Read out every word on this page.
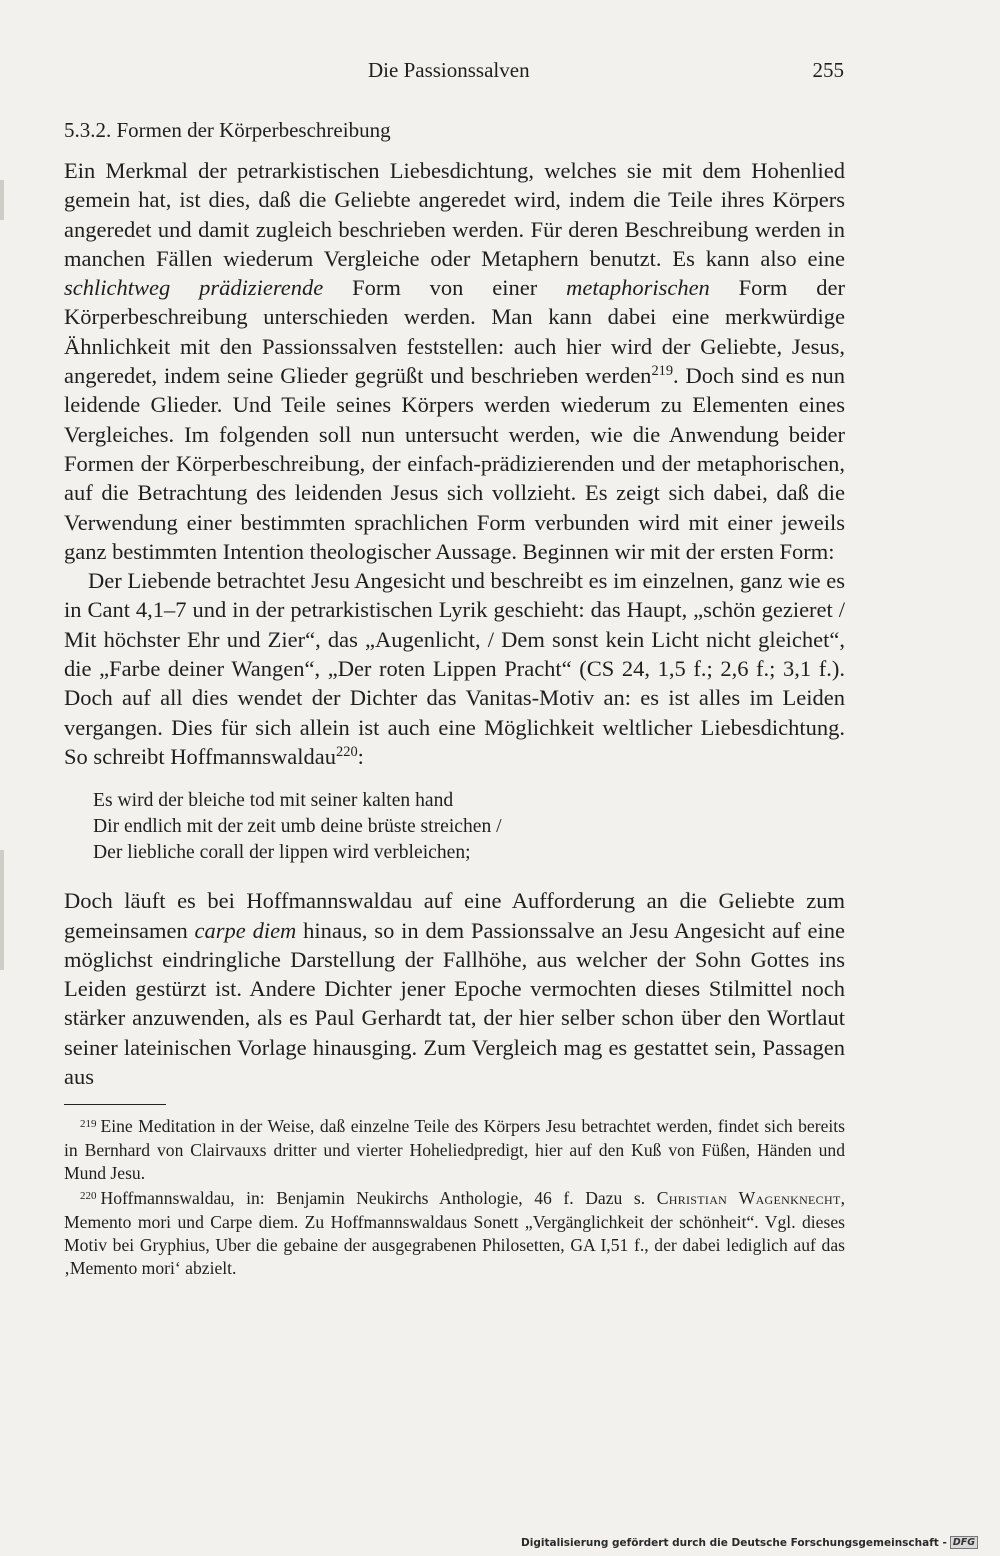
Die Passionssalven	255
5.3.2. Formen der Körperbeschreibung

Ein Merkmal der petrarkistischen Liebesdichtung, welches sie mit dem Hohenlied gemein hat, ist dies, daß die Geliebte angeredet wird, indem die Teile ihres Körpers angeredet und damit zugleich beschrieben werden. Für deren Beschreibung werden in manchen Fällen wiederum Vergleiche oder Metaphern benutzt. Es kann also eine schlichtweg prädizierende Form von einer metaphorischen Form der Körperbeschreibung unterschieden werden. Man kann dabei eine merkwürdige Ähnlichkeit mit den Passionssalven feststellen: auch hier wird der Geliebte, Jesus, angeredet, indem seine Glieder gegrüßt und beschrieben werden$^{219}$. Doch sind es nun leidende Glieder. Und Teile seines Körpers werden wiederum zu Elementen eines Vergleiches. Im folgenden soll nun untersucht werden, wie die Anwendung beider Formen der Körperbeschreibung, der einfach-prädizierenden und der metaphorischen, auf die Betrachtung des leidenden Jesus sich vollzieht. Es zeigt sich dabei, daß die Verwendung einer bestimmten sprachlichen Form verbunden wird mit einer jeweils ganz bestimmten Intention theologischer Aussage. Beginnen wir mit der ersten Form:

Der Liebende betrachtet Jesu Angesicht und beschreibt es im einzelnen, ganz wie es in Cant 4,1–7 und in der petrarkistischen Lyrik geschieht: das Haupt, „schön gezieret / Mit höchster Ehr und Zier“, das „Augenlicht, / Dem sonst kein Licht nicht gleichet“, die „Farbe deiner Wangen“, „Der roten Lippen Pracht“ (CS 24, 1,5 f.; 2,6 f.; 3,1 f.). Doch auf all dies wendet der Dichter das Vanitas-Motiv an: es ist alles im Leiden vergangen. Dies für sich allein ist auch eine Möglichkeit weltlicher Liebesdichtung. So schreibt Hoffmannswaldau$^{220}$:

Es wird der bleiche tod mit seiner kalten hand
Dir endlich mit der zeit umb deine brüste streichen /
Der liebliche corall der lippen wird verbleichen;

Doch läuft es bei Hoffmannswaldau auf eine Aufforderung an die Geliebte zum gemeinsamen carpe diem hinaus, so in dem Passionssalve an Jesu Angesicht auf eine möglichst eindringliche Darstellung der Fallhöhe, aus welcher der Sohn Gottes ins Leiden gestürzt ist. Andere Dichter jener Epoche vermochten dieses Stilmittel noch stärker anzuwenden, als es Paul Gerhardt tat, der hier selber schon über den Wortlaut seiner lateinischen Vorlage hinausging. Zum Vergleich mag es gestattet sein, Passagen aus

$^{219}$ Eine Meditation in der Weise, daß einzelne Teile des Körpers Jesu betrachtet werden, findet sich bereits in Bernhard von Clairvauxs dritter und vierter Hoheliedpredigt, hier auf den Kuß von Füßen, Händen und Mund Jesu.

$^{220}$ Hoffmannswaldau, in: Benjamin Neukirchs Anthologie, 46 f. Dazu s. Christian Wagenknecht, Memento mori und Carpe diem. Zu Hoffmannswaldaus Sonett „Vergänglichkeit der schönheit“. Vgl. dieses Motiv bei Gryphius, Uber die gebaine der ausgegrabenen Philosetten, GA I,51 f., der dabei lediglich auf das ‚Memento mori‘ abzielt.

Digitalisierung gefördert durch die Deutsche Forschungsgemeinschaft - DFG
